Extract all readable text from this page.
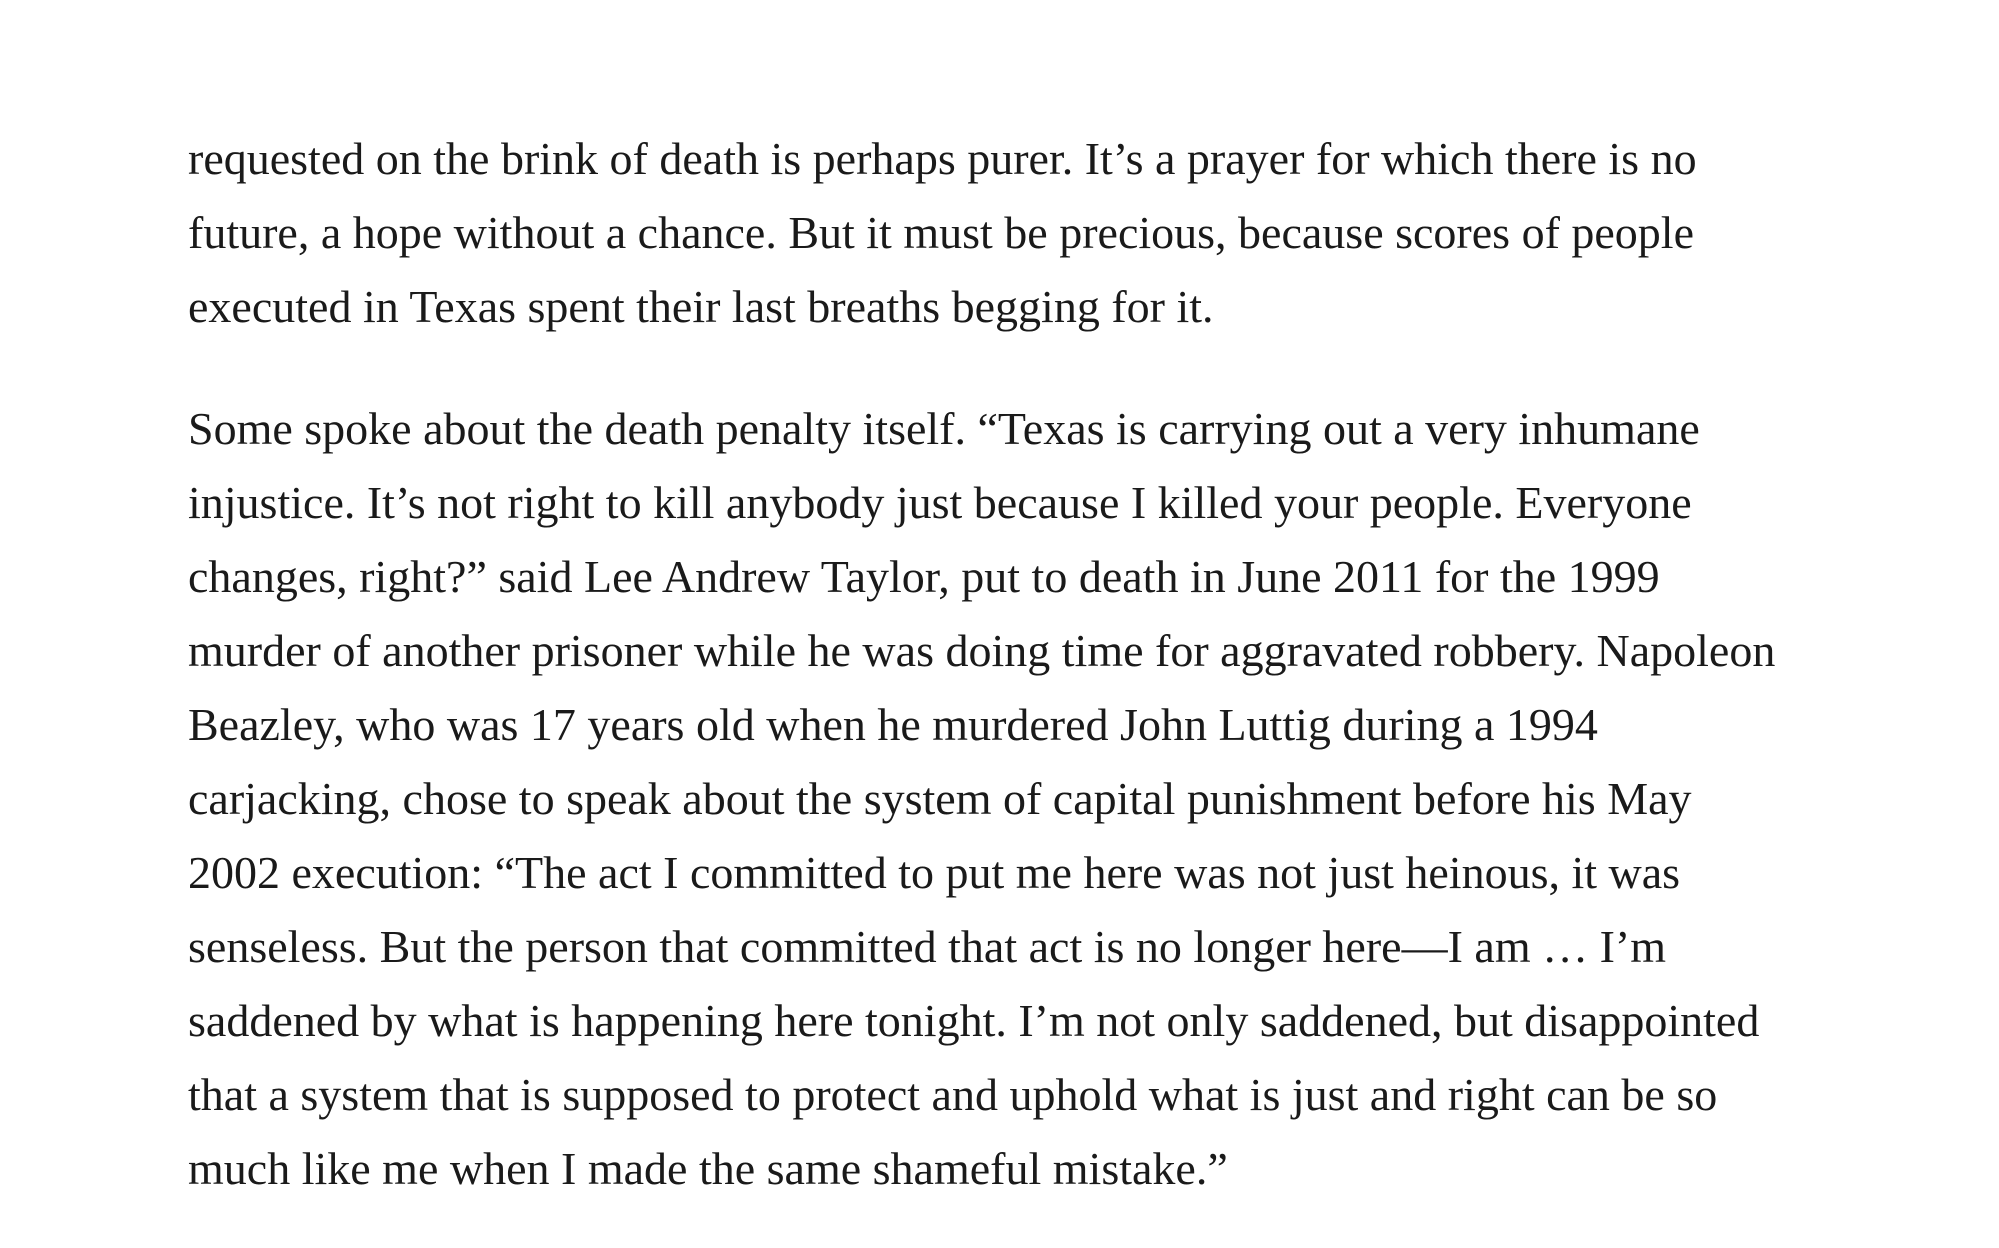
requested on the brink of death is perhaps purer. It’s a prayer for which there is no
future, a hope without a chance. But it must be precious, because scores of people
executed in Texas spent their last breaths begging for it.
Some spoke about the death penalty itself. “Texas is carrying out a very inhumane
injustice. It’s not right to kill anybody just because I killed your people. Everyone
changes, right?” said Lee Andrew Taylor, put to death in June 2011 for the 1999
murder of another prisoner while he was doing time for aggravated robbery. Napoleon
Beazley, who was 17 years old when he murdered John Luttig during a 1994
carjacking, chose to speak about the system of capital punishment before his May
2002 execution: “The act I committed to put me here was not just heinous, it was
senseless. But the person that committed that act is no longer here—I am … I’m
saddened by what is happening here tonight. I’m not only saddened, but disappointed
that a system that is supposed to protect and uphold what is just and right can be so
much like me when I made the same shameful mistake.”
